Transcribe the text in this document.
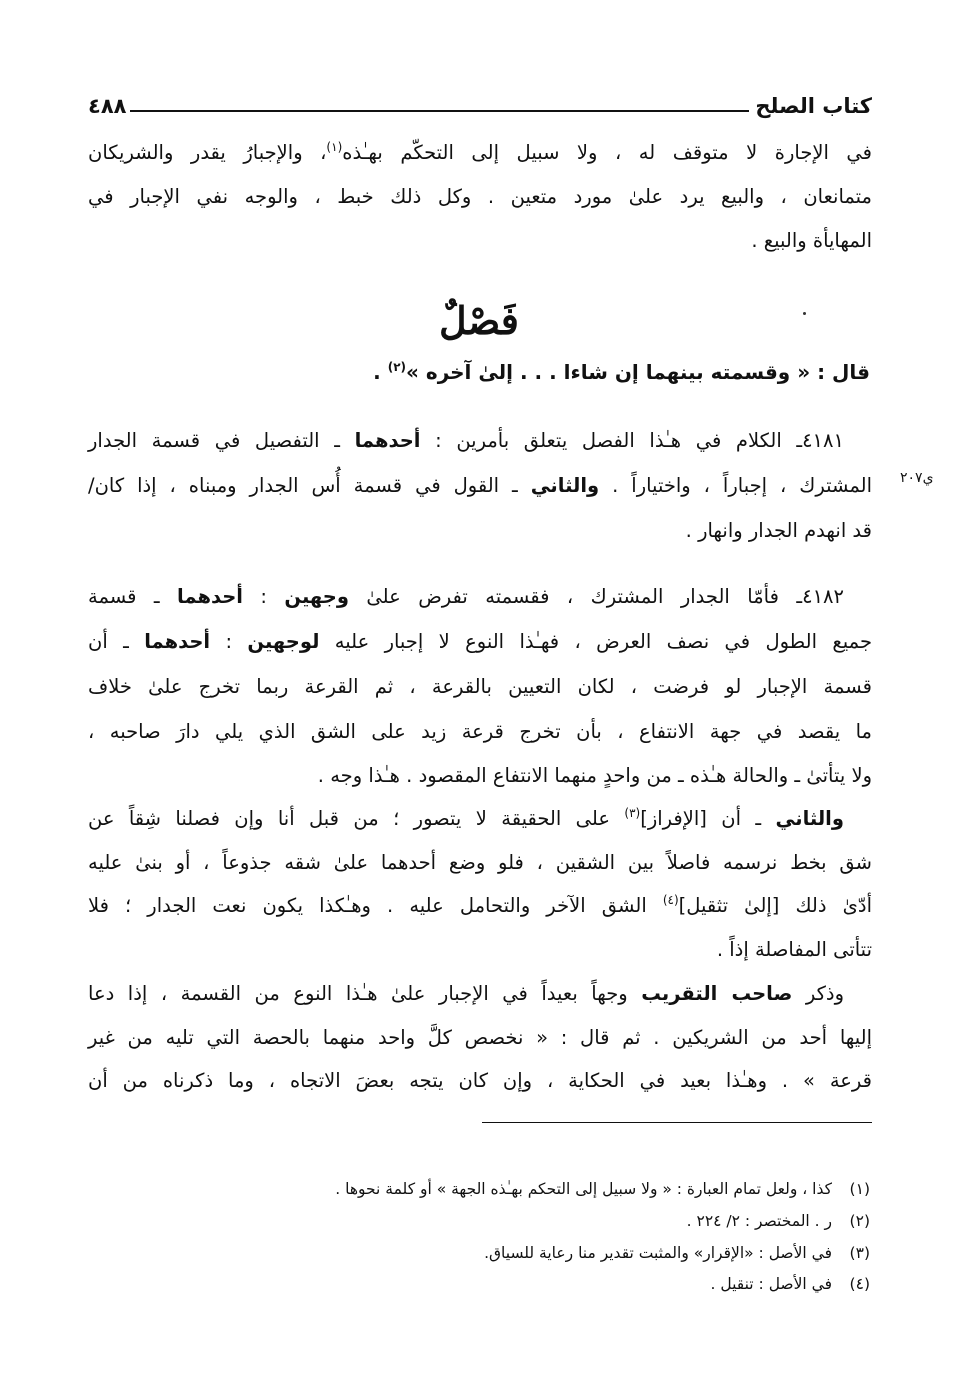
كتاب الصلح
٤٨٨
في الإجارة لا متوقف له ، ولا سبيل إلى التحكّم بهـٰذه$^{(١)}$، والإجبارُ يقدر والشريكان
متمانعان ، والبيع يرد علىٰ مورد متعين . وكل ذلك خبط ، والوجه نفي الإجبار في
المهايأة والبيع .
٤١٨١ـ الكلام في هـٰذا الفصل يتعلق بأمرين : أحدهما ـ التفصيل في قسمة الجدار
المشترك ، إجباراً ، واختياراً . والثاني ـ القول في قسمة أُس الجدار ومبناه ، إذا كان/
قد انهدم الجدار وانهار .
٤١٨٢ـ فأمّا الجدار المشترك ، فقسمته تفرض علىٰ وجهين : أحدهما ـ قسمة
جميع الطول في نصف العرض ، فهـٰذا النوع لا إجبار عليه لوجهين : أحدهما ـ أن
قسمة الإجبار لو فرضت ، لكان التعيين بالقرعة ، ثم القرعة ربما تخرج علىٰ خلاف
ما يقصد في جهة الانتفاع ، بأن تخرج قرعة زيد على الشق الذي يلي دارَ صاحبه ،
ولا يتأتىٰ ـ والحالة هـٰذه ـ من واحدٍ منهما الانتفاع المقصود . هـٰذا وجه .
والثاني ـ أن [الإفراز]$^{(٣)}$ على الحقيقة لا يتصور ؛ من قبل أنا وإن فصلنا شِقاً عن
شق بخط نرسمه فاصلاً بين الشقين ، فلو وضع أحدهما علىٰ شقه جذوعاً ، أو بنىٰ عليه
أدّىٰ ذلك [إلىٰ تثقيل]$^{(٤)}$ الشق الآخر والتحامل عليه . وهـٰكذا يكون نعت الجدار ؛ فلا
تتأتى المفاصلة إذاً .
وذكر صاحب التقريب وجهاً بعيداً في الإجبار علىٰ هـٰذا النوع من القسمة ، إذا دعا
إليها أحد من الشريكين . ثم قال : « نخصص كلَّ واحد منهما بالحصة التي تليه من غير
قرعة » . وهـٰذا بعيد في الحكاية ، وإن كان يتجه بعضَ الاتجاه ، وما ذكرناه من أن
فَصْلٌ
قال : « وقسمته بينهما إن شاءا . . . إلىٰ آخره »$^{(٢)}$ .
ي٢٠٧
(١)كذا ، ولعل تمام العبارة : « ولا سبيل إلى التحكم بهـٰذه الجهة » أو كلمة نحوها .
(٢)ر . المختصر : ٢/ ٢٢٤ .
(٣)في الأصل : «الإقرار» والمثبت تقدير منا رعاية للسياق.
(٤)في الأصل : تنقيل .
